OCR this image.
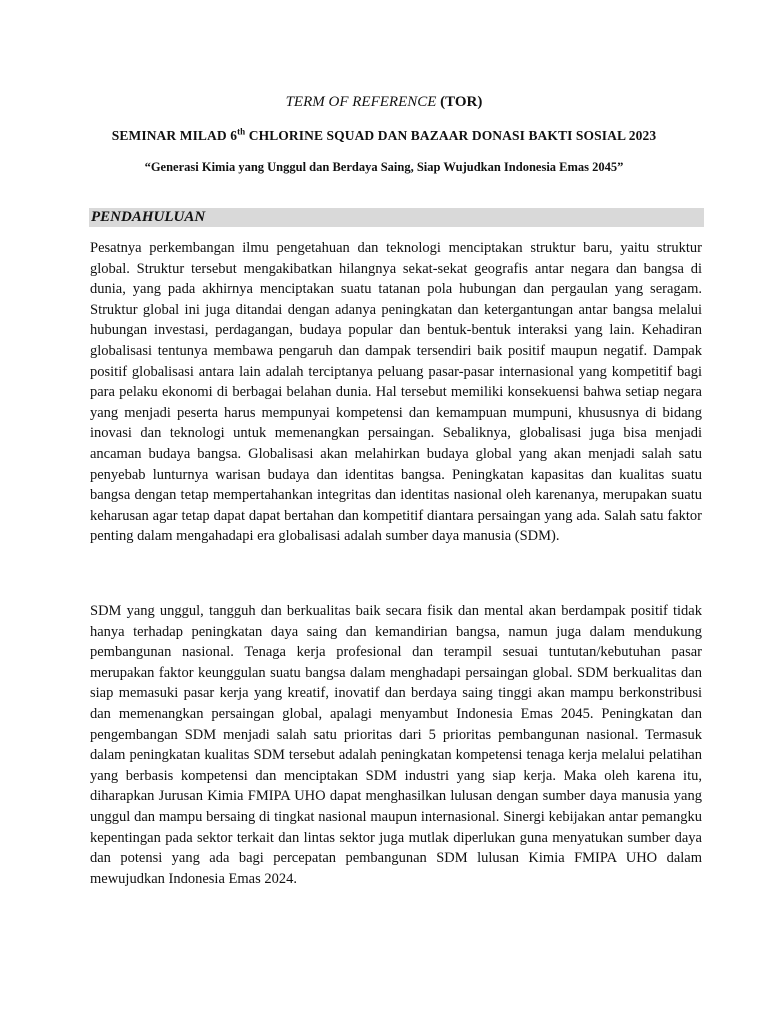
TERM OF REFERENCE (TOR)
SEMINAR MILAD 6th CHLORINE SQUAD DAN BAZAAR DONASI BAKTI SOSIAL 2023
“Generasi Kimia yang Unggul dan Berdaya Saing, Siap Wujudkan Indonesia Emas 2045”
PENDAHULUAN

Pesatnya perkembangan ilmu pengetahuan dan teknologi menciptakan struktur baru, yaitu struktur global. Struktur tersebut mengakibatkan hilangnya sekat-sekat geografis antar negara dan bangsa di dunia, yang pada akhirnya menciptakan suatu tatanan pola hubungan dan pergaulan yang seragam. Struktur global ini juga ditandai dengan adanya peningkatan dan ketergantungan antar bangsa melalui hubungan investasi, perdagangan, budaya popular dan bentuk-bentuk interaksi yang lain. Kehadiran globalisasi tentunya membawa pengaruh dan dampak tersendiri baik positif maupun negatif. Dampak positif globalisasi antara lain adalah terciptanya peluang pasar-pasar internasional yang kompetitif bagi para pelaku ekonomi di berbagai belahan dunia. Hal tersebut memiliki konsekuensi bahwa setiap negara yang menjadi peserta harus mempunyai kompetensi dan kemampuan mumpuni, khususnya di bidang inovasi dan teknologi untuk memenangkan persaingan. Sebaliknya, globalisasi juga bisa menjadi ancaman budaya bangsa. Globalisasi akan melahirkan budaya global yang akan menjadi salah satu penyebab lunturnya warisan budaya dan identitas bangsa. Peningkatan kapasitas dan kualitas suatu bangsa dengan tetap mempertahankan integritas dan identitas nasional oleh karenanya, merupakan suatu keharusan agar tetap dapat dapat bertahan dan kompetitif diantara persaingan yang ada. Salah satu faktor penting dalam mengahadapi era globalisasi adalah sumber daya manusia (SDM).

SDM yang unggul, tangguh dan berkualitas baik secara fisik dan mental akan berdampak positif tidak hanya terhadap peningkatan daya saing dan kemandirian bangsa, namun juga dalam mendukung pembangunan nasional. Tenaga kerja profesional dan terampil sesuai tuntutan/kebutuhan pasar merupakan faktor keunggulan suatu bangsa dalam menghadapi persaingan global. SDM berkualitas dan siap memasuki pasar kerja yang kreatif, inovatif dan berdaya saing tinggi akan mampu berkonstribusi dan memenangkan persaingan global, apalagi menyambut Indonesia Emas 2045. Peningkatan dan pengembangan SDM menjadi salah satu prioritas dari 5 prioritas pembangunan nasional. Termasuk dalam peningkatan kualitas SDM tersebut adalah peningkatan kompetensi tenaga kerja melalui pelatihan yang berbasis kompetensi dan menciptakan SDM industri yang siap kerja. Maka oleh karena itu, diharapkan Jurusan Kimia FMIPA UHO dapat menghasilkan lulusan dengan sumber daya manusia yang unggul dan mampu bersaing di tingkat nasional maupun internasional. Sinergi kebijakan antar pemangku kepentingan pada sektor terkait dan lintas sektor juga mutlak diperlukan guna menyatukan sumber daya dan potensi yang ada bagi percepatan pembangunan SDM lulusan Kimia FMIPA UHO dalam mewujudkan Indonesia Emas 2024.
